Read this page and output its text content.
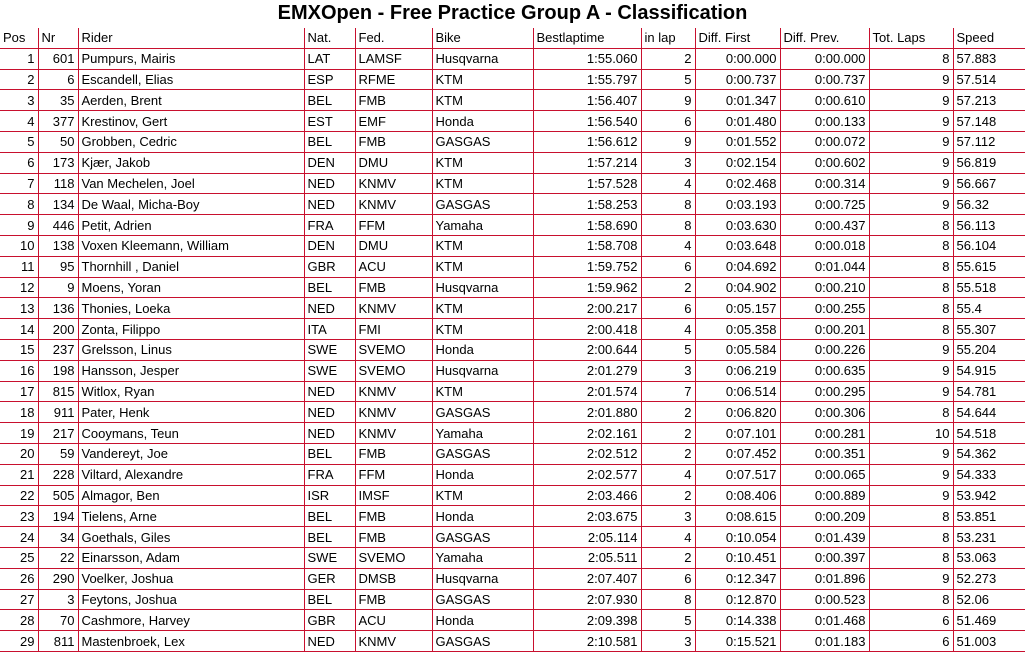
EMXOpen - Free Practice Group A - Classification
Pos	Nr	Rider	Nat.	Fed.	Bike	Bestlaptime	in lap	Diff. First	Diff. Prev.	Tot. Laps	Speed
1	601	Pumpurs, Mairis	LAT	LAMSF	Husqvarna	1:55.060	2	0:00.000	0:00.000	8	57.883
2	6	Escandell, Elias	ESP	RFME	KTM	1:55.797	5	0:00.737	0:00.737	9	57.514
3	35	Aerden, Brent	BEL	FMB	KTM	1:56.407	9	0:01.347	0:00.610	9	57.213
4	377	Krestinov, Gert	EST	EMF	Honda	1:56.540	6	0:01.480	0:00.133	9	57.148
5	50	Grobben, Cedric	BEL	FMB	GASGAS	1:56.612	9	0:01.552	0:00.072	9	57.112
6	173	Kjær, Jakob	DEN	DMU	KTM	1:57.214	3	0:02.154	0:00.602	9	56.819
7	118	Van Mechelen, Joel	NED	KNMV	KTM	1:57.528	4	0:02.468	0:00.314	9	56.667
8	134	De Waal, Micha-Boy	NED	KNMV	GASGAS	1:58.253	8	0:03.193	0:00.725	9	56.32
9	446	Petit, Adrien	FRA	FFM	Yamaha	1:58.690	8	0:03.630	0:00.437	8	56.113
10	138	Voxen Kleemann, William	DEN	DMU	KTM	1:58.708	4	0:03.648	0:00.018	8	56.104
11	95	Thornhill , Daniel	GBR	ACU	KTM	1:59.752	6	0:04.692	0:01.044	8	55.615
12	9	Moens, Yoran	BEL	FMB	Husqvarna	1:59.962	2	0:04.902	0:00.210	8	55.518
13	136	Thonies, Loeka	NED	KNMV	KTM	2:00.217	6	0:05.157	0:00.255	8	55.4
14	200	Zonta, Filippo	ITA	FMI	KTM	2:00.418	4	0:05.358	0:00.201	8	55.307
15	237	Grelsson, Linus	SWE	SVEMO	Honda	2:00.644	5	0:05.584	0:00.226	9	55.204
16	198	Hansson, Jesper	SWE	SVEMO	Husqvarna	2:01.279	3	0:06.219	0:00.635	9	54.915
17	815	Witlox, Ryan	NED	KNMV	KTM	2:01.574	7	0:06.514	0:00.295	9	54.781
18	911	Pater, Henk	NED	KNMV	GASGAS	2:01.880	2	0:06.820	0:00.306	8	54.644
19	217	Cooymans, Teun	NED	KNMV	Yamaha	2:02.161	2	0:07.101	0:00.281	10	54.518
20	59	Vandereyt, Joe	BEL	FMB	GASGAS	2:02.512	2	0:07.452	0:00.351	9	54.362
21	228	Viltard, Alexandre	FRA	FFM	Honda	2:02.577	4	0:07.517	0:00.065	9	54.333
22	505	Almagor, Ben	ISR	IMSF	KTM	2:03.466	2	0:08.406	0:00.889	9	53.942
23	194	Tielens, Arne	BEL	FMB	Honda	2:03.675	3	0:08.615	0:00.209	8	53.851
24	34	Goethals, Giles	BEL	FMB	GASGAS	2:05.114	4	0:10.054	0:01.439	8	53.231
25	22	Einarsson, Adam	SWE	SVEMO	Yamaha	2:05.511	2	0:10.451	0:00.397	8	53.063
26	290	Voelker, Joshua	GER	DMSB	Husqvarna	2:07.407	6	0:12.347	0:01.896	9	52.273
27	3	Feytons, Joshua	BEL	FMB	GASGAS	2:07.930	8	0:12.870	0:00.523	8	52.06
28	70	Cashmore, Harvey	GBR	ACU	Honda	2:09.398	5	0:14.338	0:01.468	6	51.469
29	811	Mastenbroek, Lex	NED	KNMV	GASGAS	2:10.581	3	0:15.521	0:01.183	6	51.003
